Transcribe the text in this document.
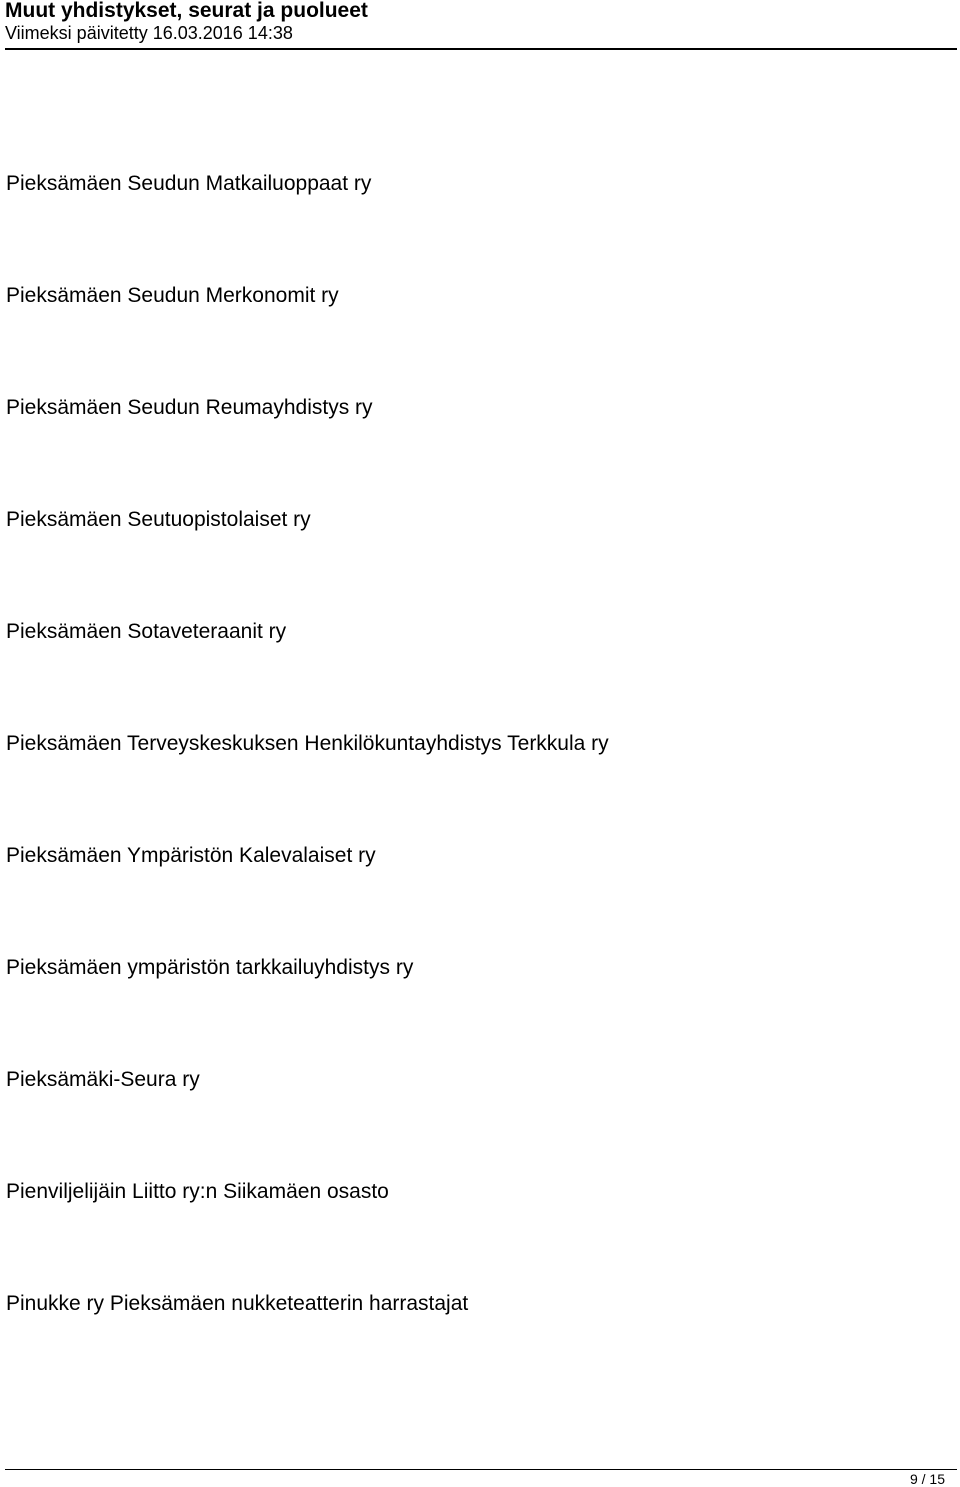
Muut yhdistykset, seurat ja puolueet
Viimeksi päivitetty 16.03.2016 14:38
Pieksämäen Seudun Matkailuoppaat ry
Pieksämäen Seudun Merkonomit ry
Pieksämäen Seudun Reumayhdistys ry
Pieksämäen Seutuopistolaiset ry
Pieksämäen Sotaveteraanit ry
Pieksämäen Terveyskeskuksen Henkilökuntayhdistys Terkkula ry
Pieksämäen Ympäristön Kalevalaiset ry
Pieksämäen ympäristön tarkkailuyhdistys ry
Pieksämäki-Seura ry
Pienviljelijäin Liitto ry:n Siikamäen osasto
Pinukke ry Pieksämäen nukketeatterin harrastajat
9 / 15
